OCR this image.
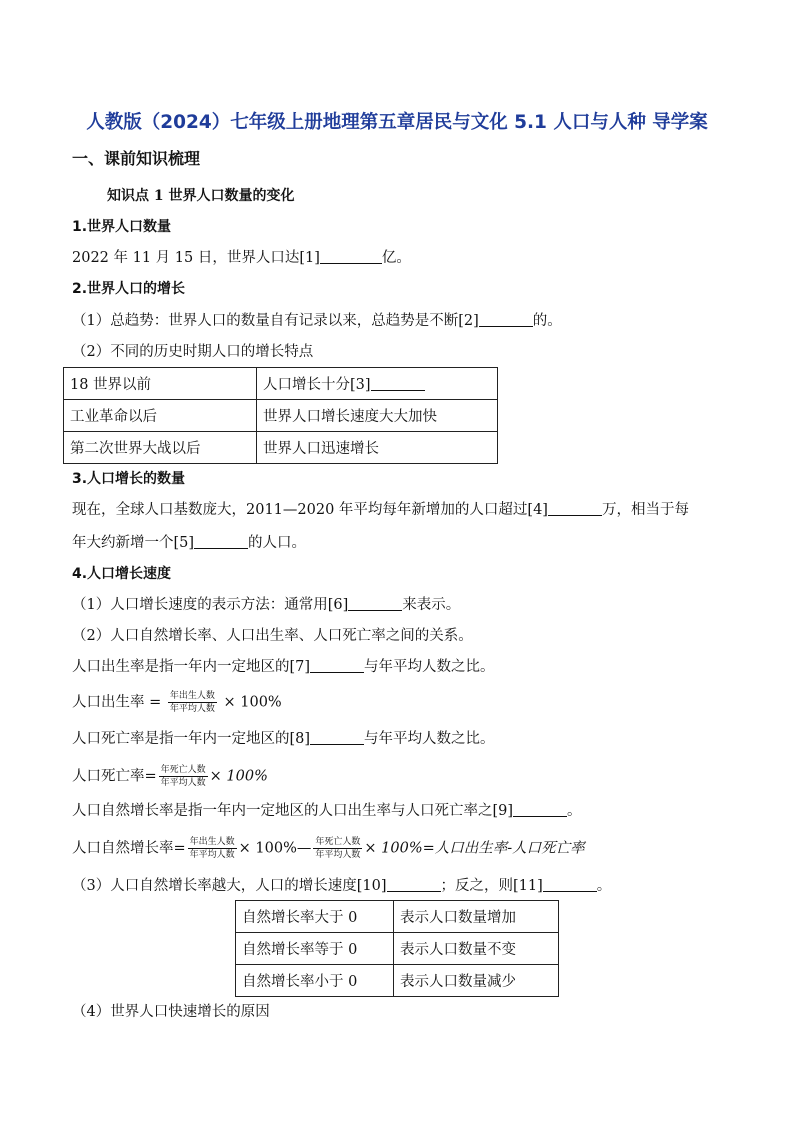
人教版（2024）七年级上册地理第五章居民与文化 5.1 人口与人种 导学案
一、课前知识梳理
知识点 1 世界人口数量的变化
1.世界人口数量
2022 年 11 月 15 日，世界人口达[1]	亿。
2.世界人口的增长
（1）总趋势：世界人口的数量自有记录以来，总趋势是不断[2]	的。
（2）不同的历史时期人口的增长特点
18 世界以前	人口增长十分[3]
工业革命以后	世界人口增长速度大大加快
第二次世界大战以后	世界人口迅速增长
3.人口增长的数量
现在，全球人口基数庞大，2011—2020 年平均每年新增加的人口超过[4]	万，相当于每
年大约新增一个[5]	的人口。
4.人口增长速度
（1）人口增长速度的表示方法：通常用[6]	来表示。
（2）人口自然增长率、人口出生率、人口死亡率之间的关系。
人口出生率是指一年内一定地区的[7]	与年平均人数之比。
人口出生率 = $\frac{\text{年出生人数}}{\text{年平均人数}} \times 100\%$
人口死亡率是指一年内一定地区的[8]	与年平均人数之比。
人口死亡率= $\frac{\text{年死亡人数}}{\text{年平均人数}} \times 100\%$
人口自然增长率是指一年内一定地区的人口出生率与人口死亡率之[9]	。
人口自然增长率= $\frac{\text{年出生人数}}{\text{年平均人数}}$ × 100%— $\frac{\text{年死亡人数}}{\text{年平均人数}} \times 100\%=$人口出生率-人口死亡率
（3）人口自然增长率越大，人口的增长速度[10]	；反之，则[11]	。
自然增长率大于 0	表示人口数量增加
自然增长率等于 0	表示人口数量不变
自然增长率小于 0	表示人口数量减少
（4）世界人口快速增长的原因
